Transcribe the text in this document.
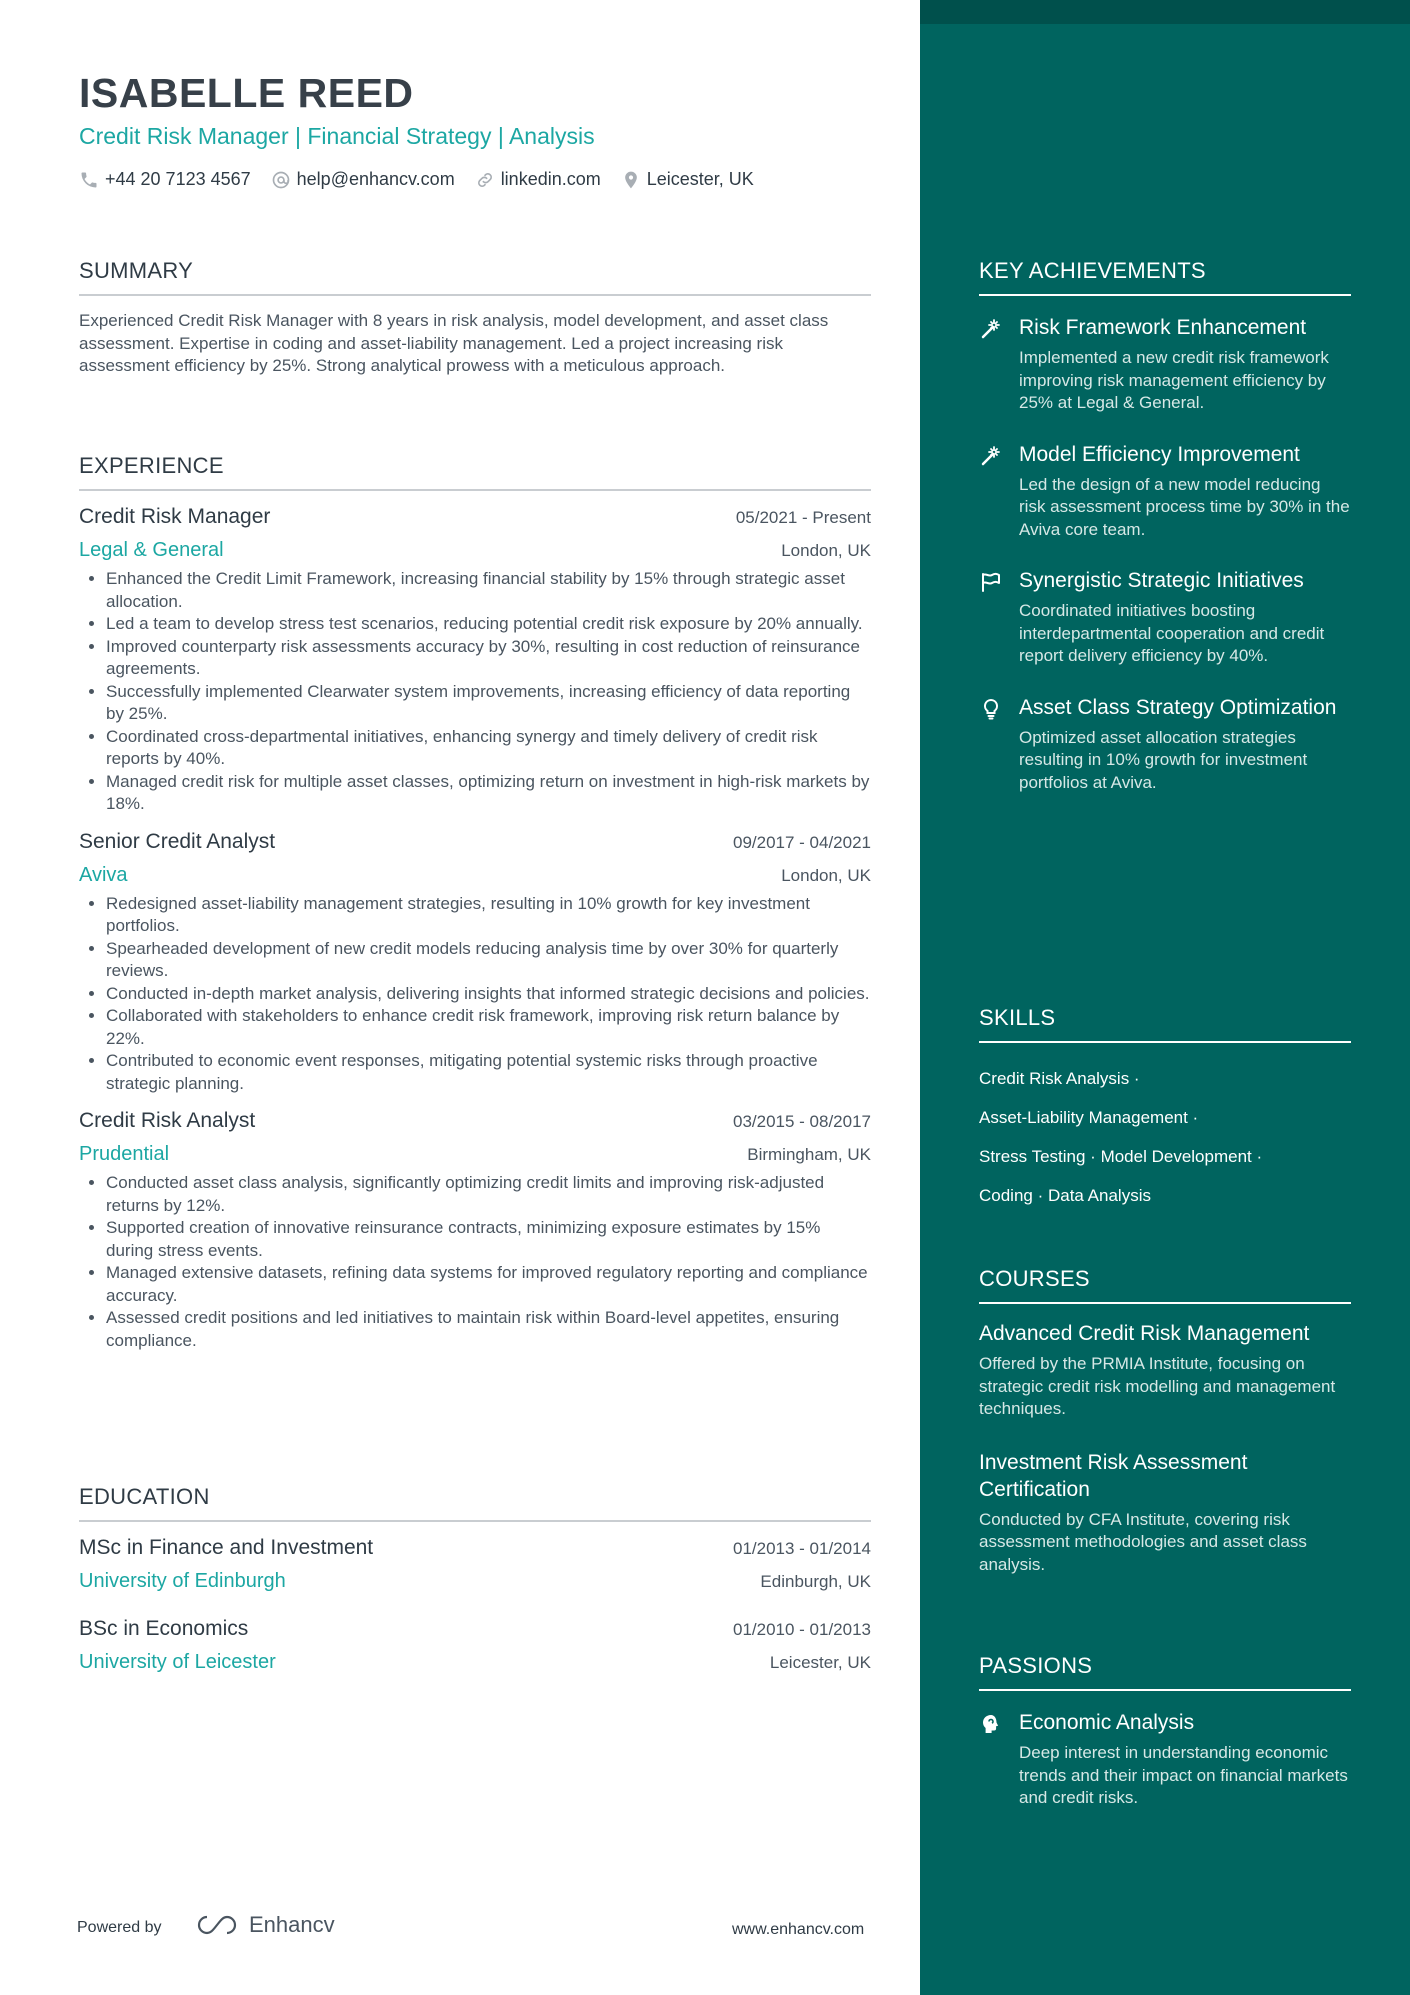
ISABELLE REED
Credit Risk Manager | Financial Strategy | Analysis
+44 20 7123 4567	help@enhancv.com	linkedin.com	Leicester, UK
SUMMARY

Experienced Credit Risk Manager with 8 years in risk analysis, model development, and asset class assessment. Expertise in coding and asset-liability management. Led a project increasing risk assessment efficiency by 25%. Strong analytical prowess with a meticulous approach.

EXPERIENCE
Credit Risk Manager	05/2021 - Present
Legal & General	London, UK
• Enhanced the Credit Limit Framework, increasing financial stability by 15% through strategic asset allocation.
• Led a team to develop stress test scenarios, reducing potential credit risk exposure by 20% annually.
• Improved counterparty risk assessments accuracy by 30%, resulting in cost reduction of reinsurance agreements.
• Successfully implemented Clearwater system improvements, increasing efficiency of data reporting by 25%.
• Coordinated cross-departmental initiatives, enhancing synergy and timely delivery of credit risk reports by 40%.
• Managed credit risk for multiple asset classes, optimizing return on investment in high-risk markets by 18%.
Senior Credit Analyst	09/2017 - 04/2021
Aviva	London, UK
• Redesigned asset-liability management strategies, resulting in 10% growth for key investment portfolios.
• Spearheaded development of new credit models reducing analysis time by over 30% for quarterly reviews.
• Conducted in-depth market analysis, delivering insights that informed strategic decisions and policies.
• Collaborated with stakeholders to enhance credit risk framework, improving risk return balance by 22%.
• Contributed to economic event responses, mitigating potential systemic risks through proactive strategic planning.
Credit Risk Analyst	03/2015 - 08/2017
Prudential	Birmingham, UK
• Conducted asset class analysis, significantly optimizing credit limits and improving risk-adjusted returns by 12%.
• Supported creation of innovative reinsurance contracts, minimizing exposure estimates by 15% during stress events.
• Managed extensive datasets, refining data systems for improved regulatory reporting and compliance accuracy.
• Assessed credit positions and led initiatives to maintain risk within Board-level appetites, ensuring compliance.
EDUCATION
MSc in Finance and Investment	01/2013 - 01/2014
University of Edinburgh	Edinburgh, UK
BSc in Economics	01/2010 - 01/2013
University of Leicester	Leicester, UK
Powered by	Enhancv	www.enhancv.com
KEY ACHIEVEMENTS
Risk Framework Enhancement
Implemented a new credit risk framework improving risk management efficiency by 25% at Legal & General.
Model Efficiency Improvement
Led the design of a new model reducing risk assessment process time by 30% in the Aviva core team.
Synergistic Strategic Initiatives
Coordinated initiatives boosting interdepartmental cooperation and credit report delivery efficiency by 40%.
Asset Class Strategy Optimization
Optimized asset allocation strategies resulting in 10% growth for investment portfolios at Aviva.
SKILLS
Credit Risk Analysis ·
Asset-Liability Management ·
Stress Testing · Model Development ·
Coding · Data Analysis
COURSES
Advanced Credit Risk Management
Offered by the PRMIA Institute, focusing on strategic credit risk modelling and management techniques.
Investment Risk Assessment Certification
Conducted by CFA Institute, covering risk assessment methodologies and asset class analysis.
PASSIONS
Economic Analysis
Deep interest in understanding economic trends and their impact on financial markets and credit risks.
